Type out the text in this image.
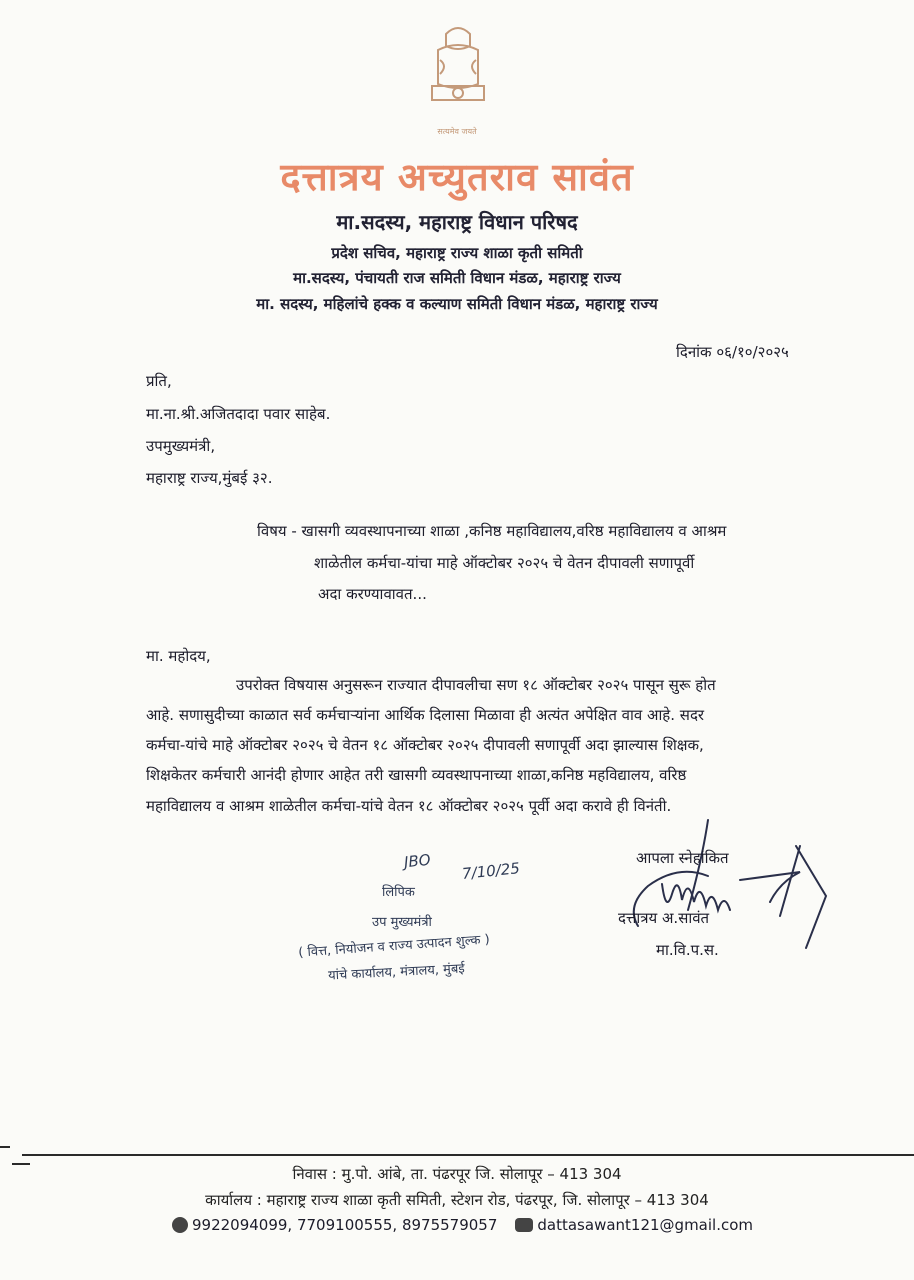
सत्यमेव जयते
दत्तात्रय अच्युतराव सावंत
मा.सदस्य, महाराष्ट्र विधान परिषद
प्रदेश सचिव, महाराष्ट्र राज्य शाळा कृती समिती
मा.सदस्य, पंचायती राज समिती विधान मंडळ, महाराष्ट्र राज्य
मा. सदस्य, महिलांचे हक्क व कल्याण समिती विधान मंडळ, महाराष्ट्र राज्य
दिनांक ०६/१०/२०२५
प्रति,
मा.ना.श्री.अजितदादा पवार साहेब.
उपमुख्यमंत्री,
महाराष्ट्र राज्य,मुंबई ३२.
विषय - खासगी व्यवस्थापनाच्या शाळा ,कनिष्ठ महाविद्यालय,वरिष्ठ महाविद्यालय व आश्रम
शाळेतील कर्मचा-यांचा माहे ऑक्टोबर २०२५ चे वेतन दीपावली सणापूर्वी
अदा करण्यावावत...
मा. महोदय,
उपरोक्त विषयास अनुसरून राज्यात दीपावलीचा सण १८ ऑक्टोबर २०२५ पासून सुरू होत
आहे. सणासुदीच्या काळात सर्व कर्मचाऱ्यांना आर्थिक दिलासा मिळावा ही अत्यंत अपेक्षित वाव आहे. सदर
कर्मचा-यांचे माहे ऑक्टोबर २०२५ चे वेतन १८ ऑक्टोबर २०२५ दीपावली सणापूर्वी अदा झाल्यास शिक्षक,
शिक्षकेतर कर्मचारी आनंदी होणार आहेत तरी खासगी व्यवस्थापनाच्या शाळा,कनिष्ठ महविद्यालय, वरिष्ठ
महाविद्यालय व आश्रम शाळेतील कर्मचा-यांचे वेतन १८ ऑक्टोबर २०२५ पूर्वी अदा करावे ही विनंती.
JBO 7/10/25
लिपिक
उप मुख्यमंत्री
( वित्त, नियोजन व राज्य उत्पादन शुल्क )
यांचे कार्यालय, मंत्रालय, मुंबई
आपला स्नेहांकित
दत्तात्रय अ.सावंत
मा.वि.प.स.
निवास : मु.पो. आंबे, ता. पंढरपूर जि. सोलापूर – 413 304
कार्यालय : महाराष्ट्र राज्य शाळा कृती समिती, स्टेशन रोड, पंढरपूर, जि. सोलापूर – 413 304
9922094099, 7709100555, 8975579057	dattasawant121@gmail.com
